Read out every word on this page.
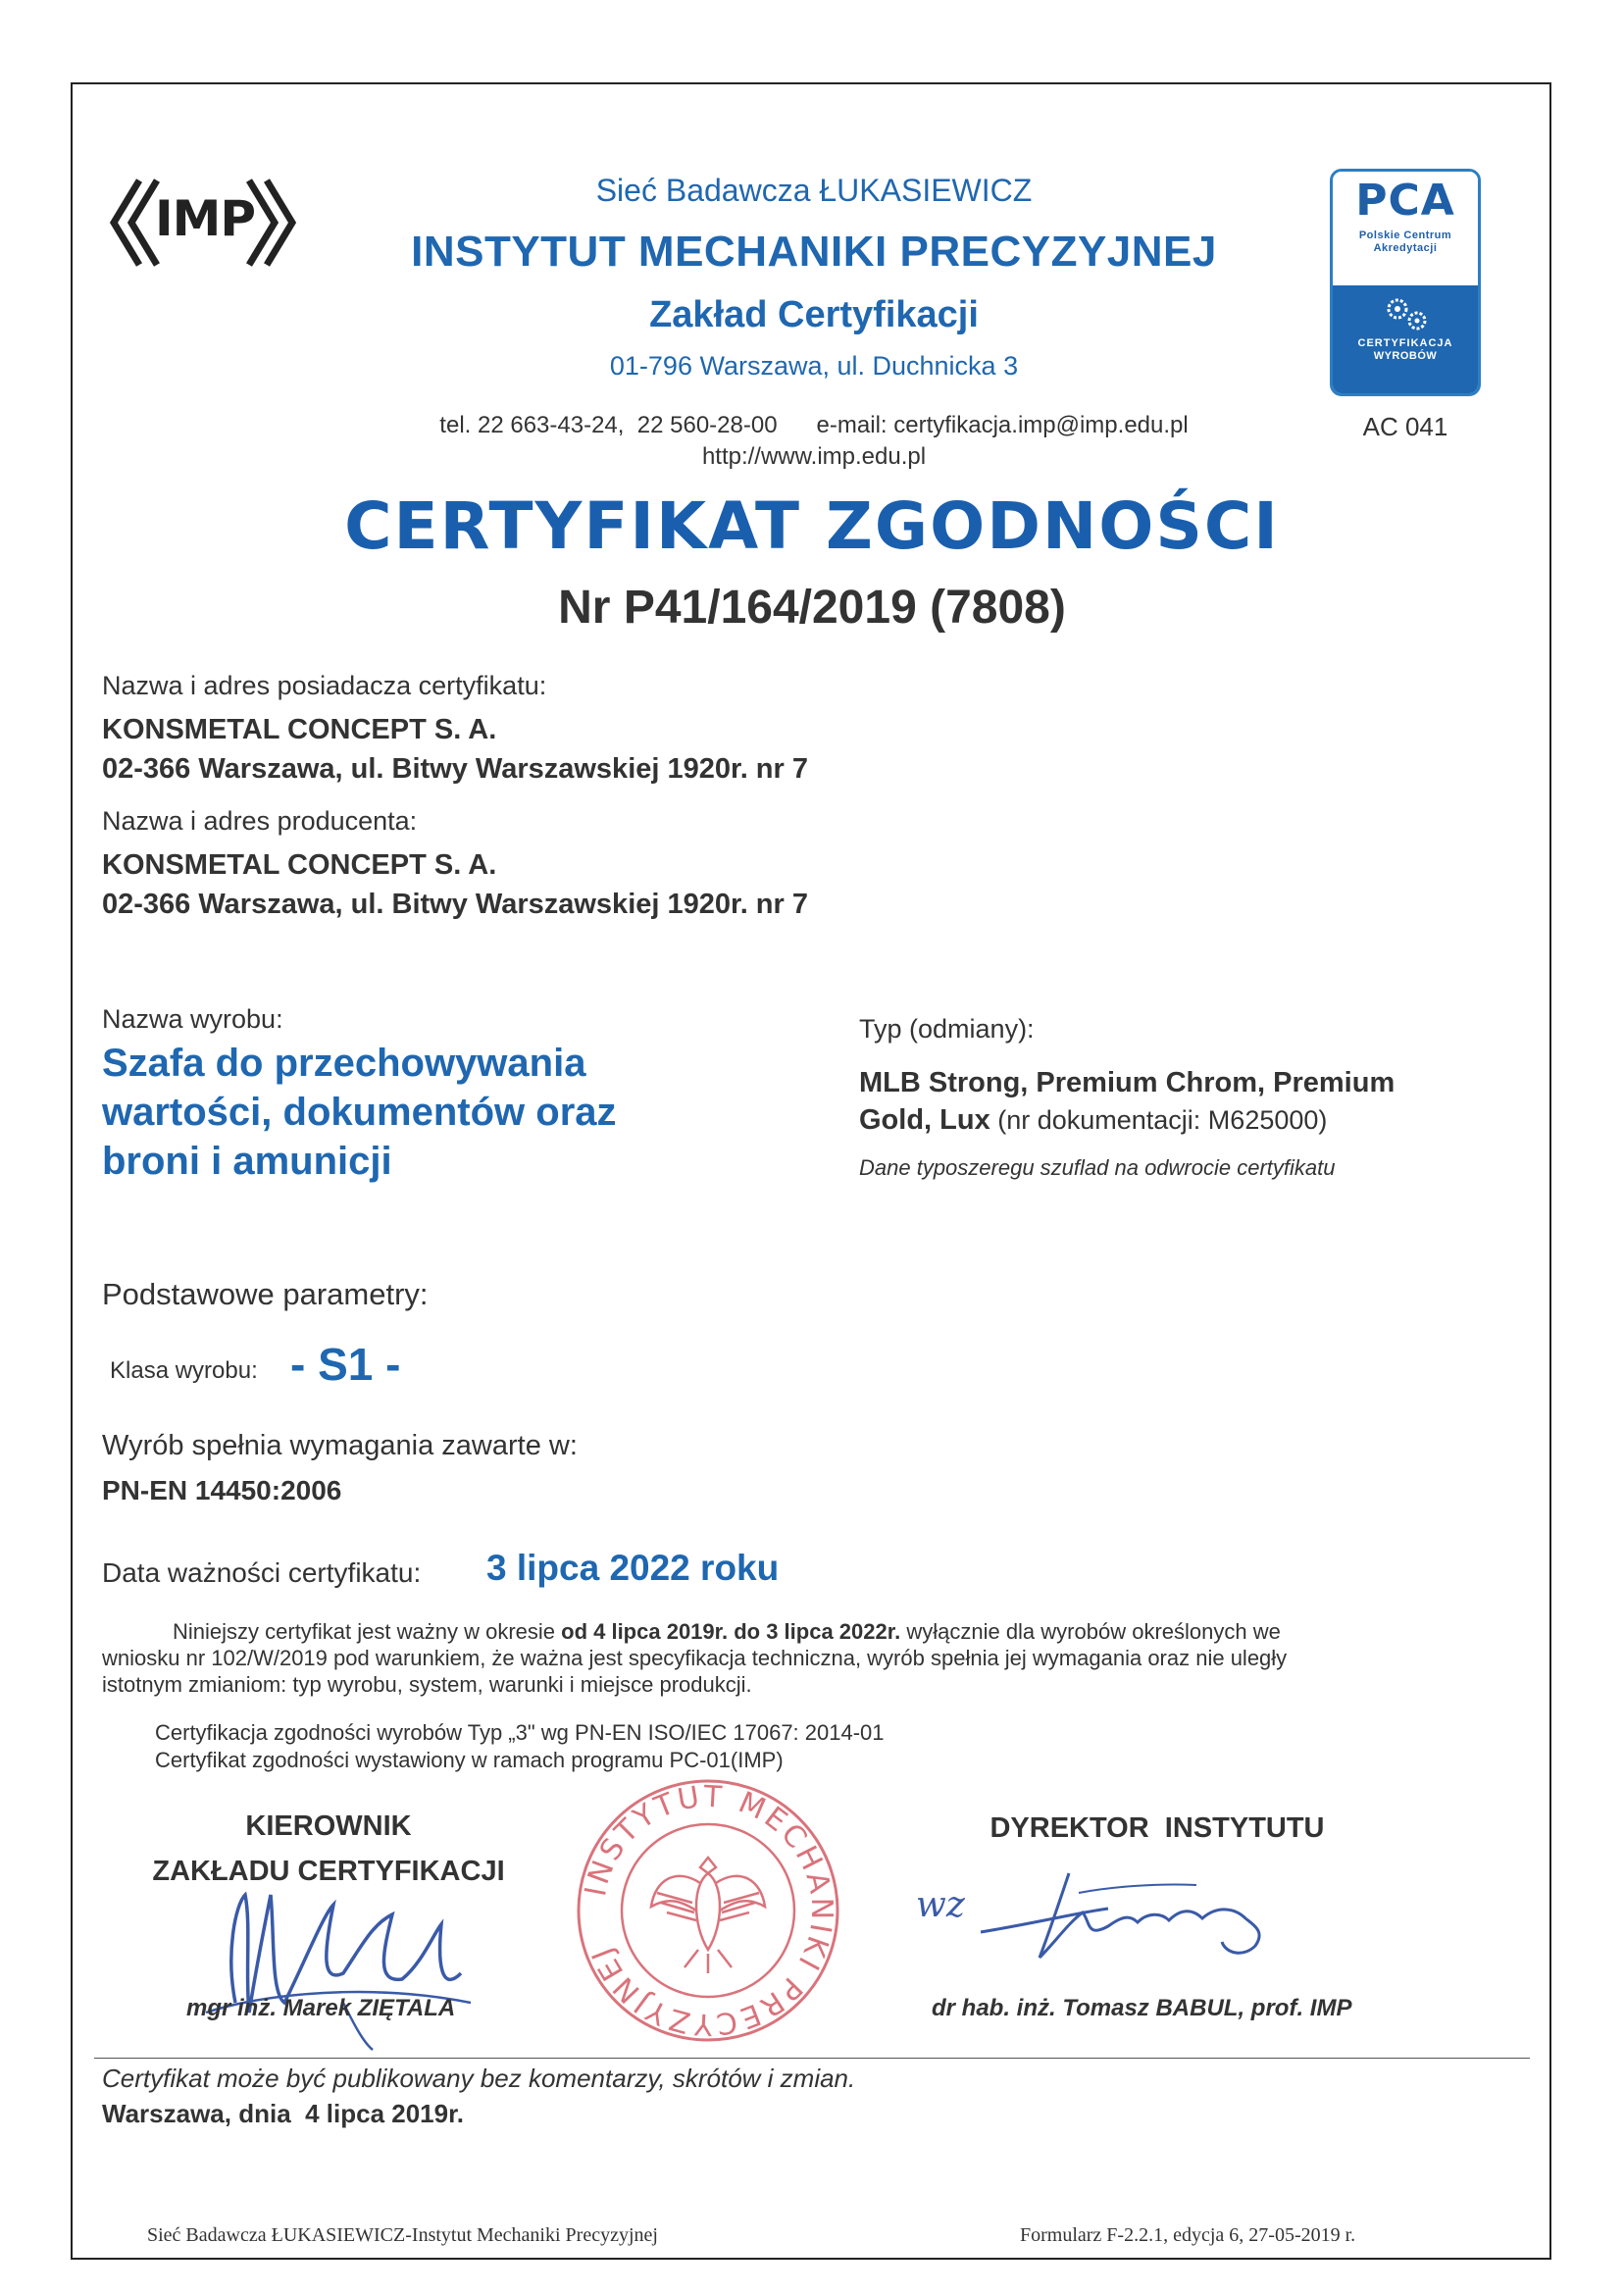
IMP	Sieć Badawcza ŁUKASIEWICZ
INSTYTUT MECHANIKI PRECYZYJNEJ
Zakład Certyfikacji
01-796 Warszawa, ul. Duchnicka 3
tel. 22 663-43-24,  22 560-28-00      e-mail: certyfikacja.imp@imp.edu.pl
http://www.imp.edu.pl
PCA
Polskie Centrum
Akredytacji
CERTYFIKACJA
WYROBÓW
AC 041
CERTYFIKAT ZGODNOŚCI
Nr P41/164/2019 (7808)
Nazwa i adres posiadacza certyfikatu:
KONSMETAL CONCEPT S. A.
02-366 Warszawa, ul. Bitwy Warszawskiej 1920r. nr 7
Nazwa i adres producenta:
KONSMETAL CONCEPT S. A.
02-366 Warszawa, ul. Bitwy Warszawskiej 1920r. nr 7
Nazwa wyrobu:
Szafa do przechowywania
wartości, dokumentów oraz
broni i amunicji
Typ (odmiany):
MLB Strong, Premium Chrom, Premium
Gold, Lux (nr dokumentacji: M625000)
Dane typoszeregu szuflad na odwrocie certyfikatu
Podstawowe parametry:
Klasa wyrobu: - S1 -
Wyrób spełnia wymagania zawarte w:
PN-EN 14450:2006
Data ważności certyfikatu: 3 lipca 2022 roku
Niniejszy certyfikat jest ważny w okresie od 4 lipca 2019r. do 3 lipca 2022r. wyłącznie dla wyrobów określonych we
wniosku nr 102/W/2019 pod warunkiem, że ważna jest specyfikacja techniczna, wyrób spełnia jej wymagania oraz nie uległy
istotnym zmianiom: typ wyrobu, system, warunki i miejsce produkcji.
Certyfikacja zgodności wyrobów Typ „3" wg PN-EN ISO/IEC 17067: 2014-01
Certyfikat zgodności wystawiony w ramach programu PC-01(IMP)
INSTYTUT MECHANIKI PRECYZYJNEJ
KIEROWNIK
ZAKŁADU CERTYFIKACJI
mgr inż. Marek ZIĘTALA
DYREKTOR  INSTYTUTU
wz
dr hab. inż. Tomasz BABUL, prof. IMP
Certyfikat może być publikowany bez komentarzy, skrótów i zmian.
Warszawa, dnia  4 lipca 2019r.
Sieć Badawcza ŁUKASIEWICZ-Instytut Mechaniki Precyzyjnej	Formularz F-2.2.1, edycja 6, 27-05-2019 r.
